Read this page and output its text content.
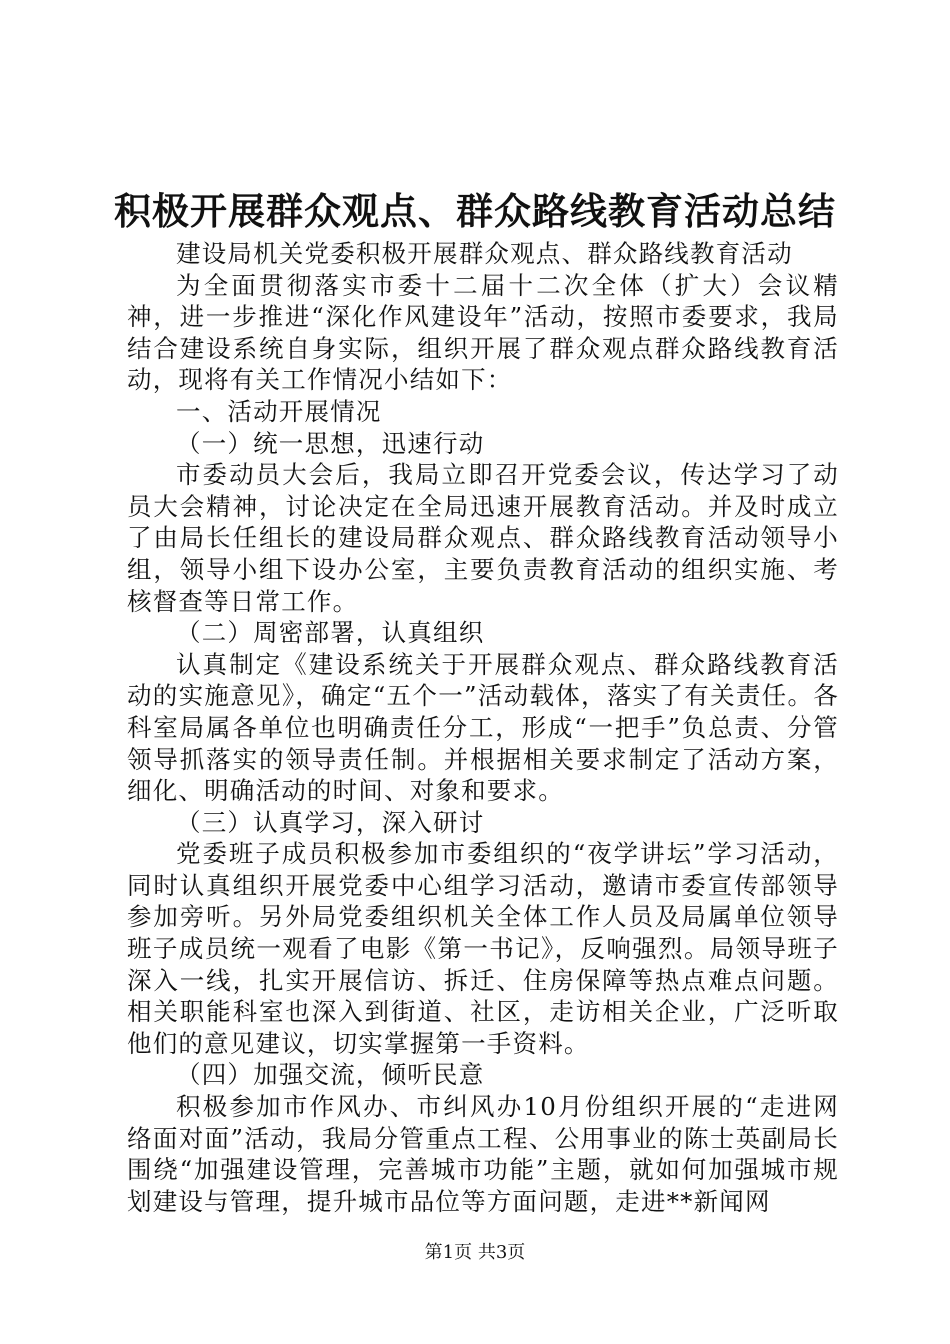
积极开展群众观点、群众路线教育活动总结

建设局机关党委积极开展群众观点、群众路线教育活动

为全面贯彻落实市委十二届十二次全体（扩大）会议精神，进一步推进“深化作风建设年”活动，按照市委要求，我局结合建设系统自身实际，组织开展了群众观点群众路线教育活动，现将有关工作情况小结如下：

一、活动开展情况

（一）统一思想，迅速行动

市委动员大会后，我局立即召开党委会议，传达学习了动员大会精神，讨论决定在全局迅速开展教育活动。并及时成立了由局长任组长的建设局群众观点、群众路线教育活动领导小组，领导小组下设办公室，主要负责教育活动的组织实施、考核督查等日常工作。

（二）周密部署，认真组织

认真制定《建设系统关于开展群众观点、群众路线教育活动的实施意见》，确定“五个一”活动载体，落实了有关责任。各科室局属各单位也明确责任分工，形成“一把手”负总责、分管领导抓落实的领导责任制。并根据相关要求制定了活动方案，细化、明确活动的时间、对象和要求。

（三）认真学习，深入研讨

党委班子成员积极参加市委组织的“夜学讲坛”学习活动，同时认真组织开展党委中心组学习活动，邀请市委宣传部领导参加旁听。另外局党委组织机关全体工作人员及局属单位领导班子成员统一观看了电影《第一书记》，反响强烈。局领导班子深入一线，扎实开展信访、拆迁、住房保障等热点难点问题。相关职能科室也深入到街道、社区，走访相关企业，广泛听取他们的意见建议，切实掌握第一手资料。

（四）加强交流，倾听民意

积极参加市作风办、市纠风办10月份组织开展的“走进网络面对面”活动，我局分管重点工程、公用事业的陈士英副局长围绕“加强建设管理，完善城市功能”主题，就如何加强城市规划建设与管理，提升城市品位等方面问题，走进**新闻网

第1页 共3页
